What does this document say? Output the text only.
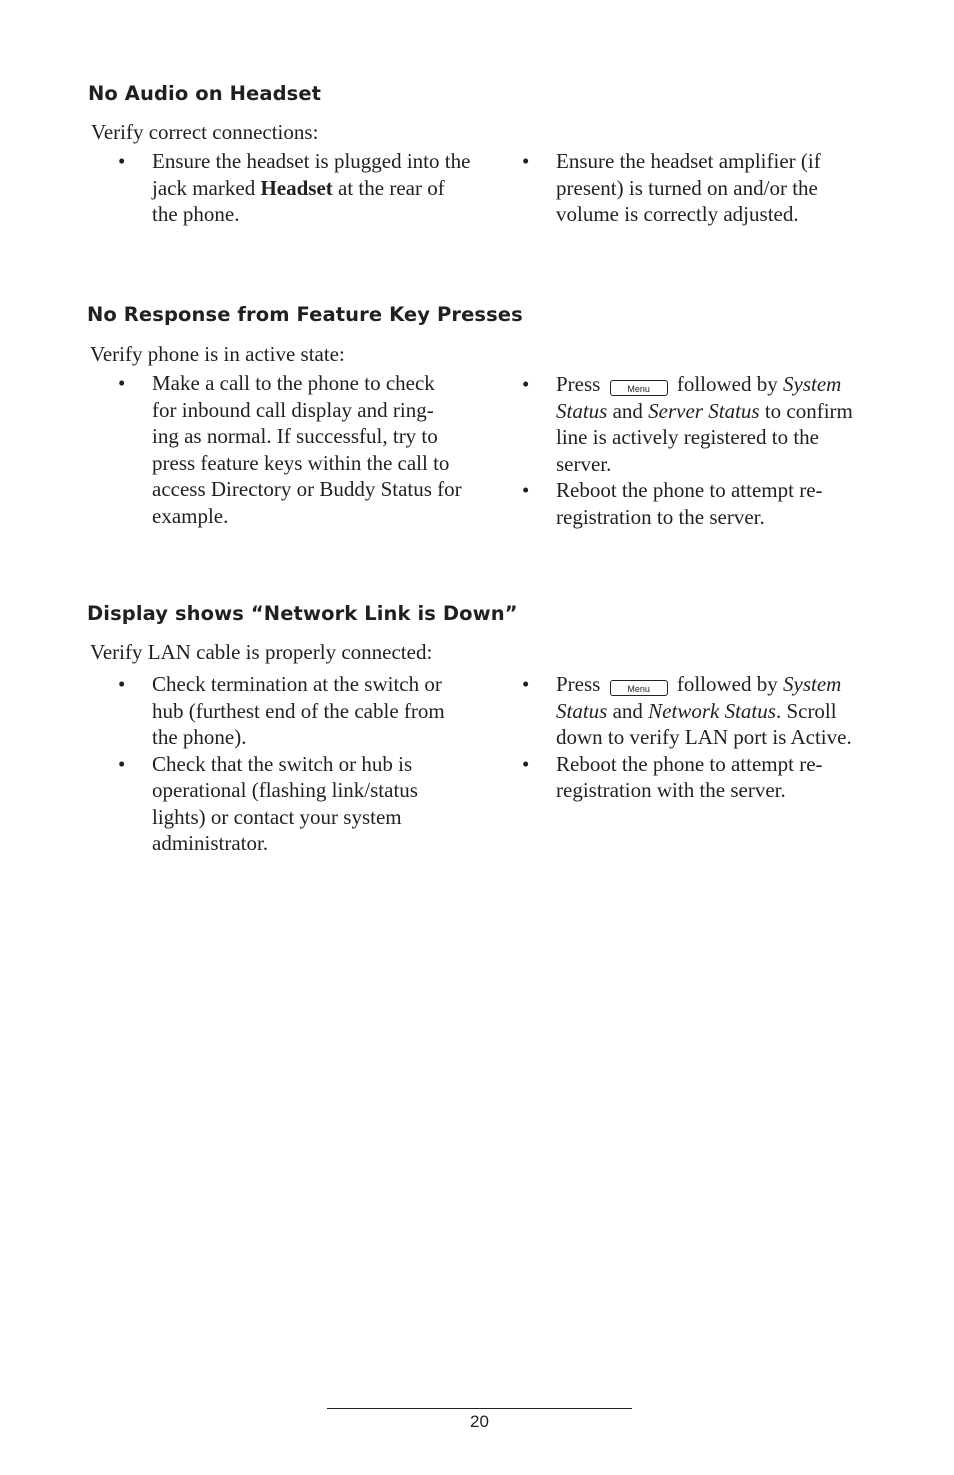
No Audio on Headset

Verify correct connections:

• Ensure the headset is plugged into the jack marked Headset at the rear of the phone.
• Ensure the headset amplifier (if present) is turned on and/or the volume is correctly adjusted.
No Response from Feature Key Presses

Verify phone is in active state:

• Make a call to the phone to check for inbound call display and ring- ing as normal. If successful, try to press feature keys within the call to access Directory or Buddy Status for example.
• Press	Menu followed by System Status and Server Status to confirm line is actively registered to the server.
• Reboot the phone to attempt re- registration to the server.
Display shows “Network Link is Down”

Verify LAN cable is properly connected:

• Check termination at the switch or hub (furthest end of the cable from the phone).
• Check that the switch or hub is operational (flashing link/status lights) or contact your system administrator.
• Press	Menu followed by System Status and Network Status. Scroll down to verify LAN port is Active.
• Reboot the phone to attempt re- registration with the server.
20
